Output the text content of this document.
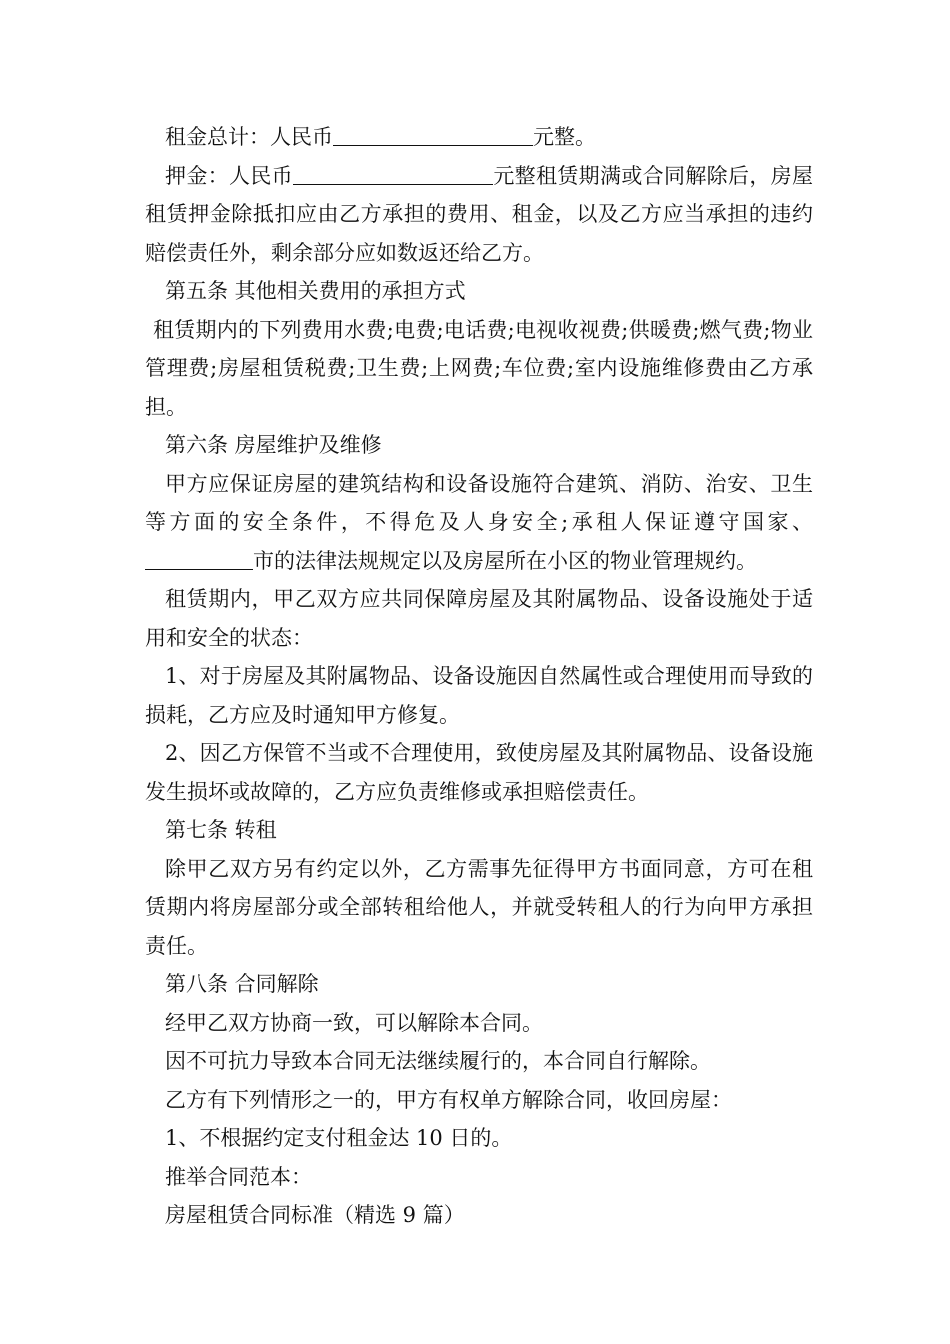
租金总计：人民币	元整。

押金：人民币	元整租赁期满或合同解除后，房屋租赁押金除抵扣应由乙方承担的费用、租金，以及乙方应当承担的违约赔偿责任外，剩余部分应如数返还给乙方。

第五条 其他相关费用的承担方式

租赁期内的下列费用水费;电费;电话费;电视收视费;供暖费;燃气费;物业管理费;房屋租赁税费;卫生费;上网费;车位费;室内设施维修费由乙方承担。

第六条 房屋维护及维修

甲方应保证房屋的建筑结构和设备设施符合建筑、消防、治安、卫生等方面的安全条件，不得危及人身安全;承租人保证遵守国家、市的法律法规规定以及房屋所在小区的物业管理规约。

租赁期内，甲乙双方应共同保障房屋及其附属物品、设备设施处于适用和安全的状态：

1、对于房屋及其附属物品、设备设施因自然属性或合理使用而导致的损耗，乙方应及时通知甲方修复。

2、因乙方保管不当或不合理使用，致使房屋及其附属物品、设备设施发生损坏或故障的，乙方应负责维修或承担赔偿责任。

第七条 转租

除甲乙双方另有约定以外，乙方需事先征得甲方书面同意，方可在租赁期内将房屋部分或全部转租给他人，并就受转租人的行为向甲方承担责任。

第八条 合同解除

经甲乙双方协商一致，可以解除本合同。

因不可抗力导致本合同无法继续履行的，本合同自行解除。

乙方有下列情形之一的，甲方有权单方解除合同，收回房屋：

1、不根据约定支付租金达 10 日的。

推举合同范本：

房屋租赁合同标准（精选 9 篇）
